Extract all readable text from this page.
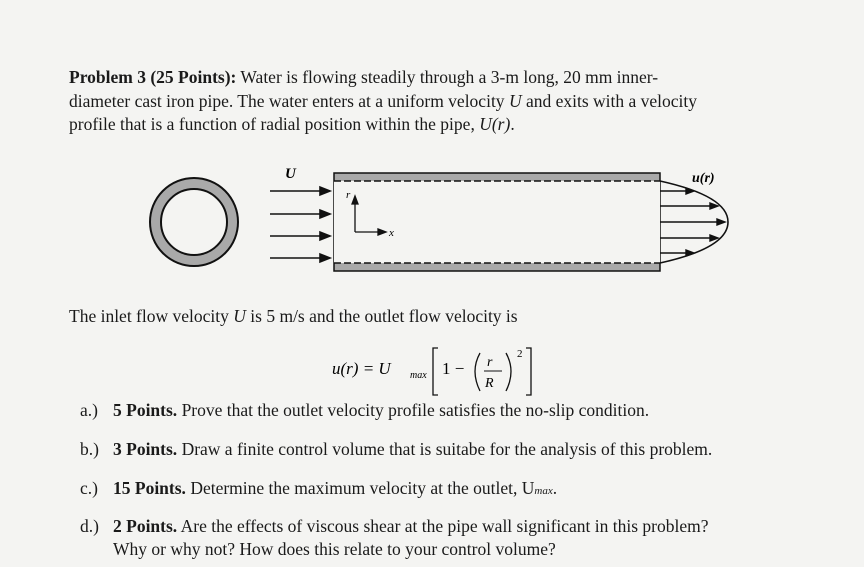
Problem 3 (25 Points): Water is flowing steadily through a 3-m long, 20 mm inner-
diameter cast iron pipe. The water enters at a uniform velocity U and exits with a velocity
profile that is a function of radial position within the pipe, U(r).
U
r
x
u(r)
The inlet flow velocity U is 5 m/s and the outlet flow velocity is
u(r) = U max 1 − r
R
2
a.) 5 Points. Prove that the outlet velocity profile satisfies the no-slip condition.
b.) 3 Points. Draw a finite control volume that is suitabe for the analysis of this problem.
c.) 15 Points. Determine the maximum velocity at the outlet, Umax.
d.) 2 Points. Are the effects of viscous shear at the pipe wall significant in this problem?
Why or why not? How does this relate to your control volume?
